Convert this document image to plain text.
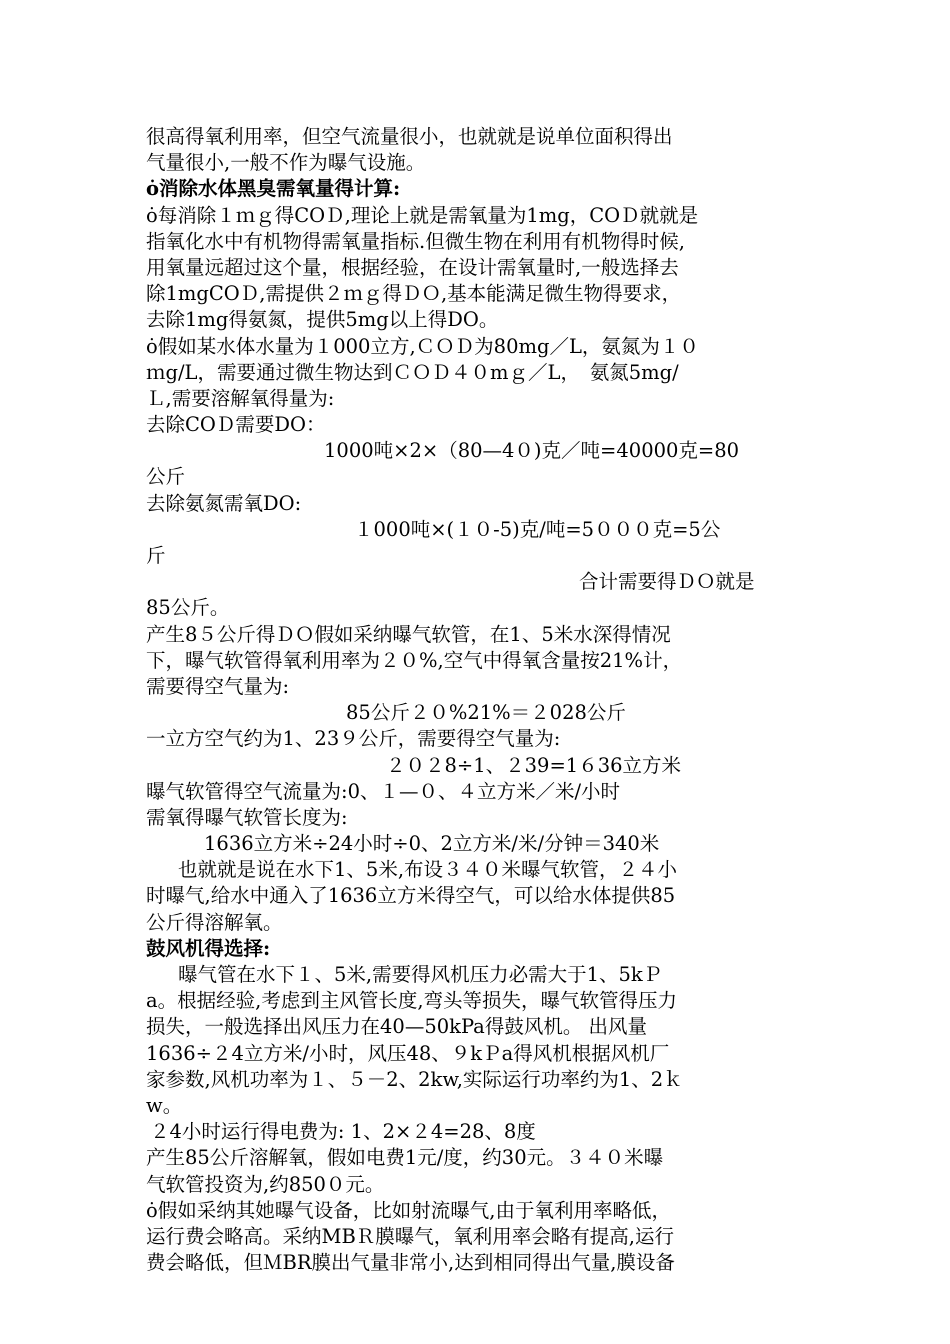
很高得氧利用率，但空气流量很小，也就就是说单位面积得出
气量很小,一般不作为曝气设施。
ȯ消除水体黑臭需氧量得计算:
ȯ每消除１ｍｇ得COＤ,理论上就是需氧量为1mg，COＤ就就是
指氧化水中有机物得需氧量指标.但微生物在利用有机物得时候,
用氧量远超过这个量，根据经验，在设计需氧量时,一般选择去
除1mgCOＤ,需提供２ｍｇ得ＤＯ,基本能满足微生物得要求，
去除1mg得氨氮，提供5mg以上得DO。
ȯ假如某水体水量为１000立方,ＣＯＤ为80mg／L，氨氮为１０
ｍg/L，需要通过微生物达到ＣＯＤ４０mｇ／L，　氨氮5mg/
Ｌ,需要溶解氧得量为:
去除COＤ需要DO：
1000吨×2×（80—4０)克／吨=40000克=80
公斤
去除氨氮需氧DO:
１000吨×(１０-5)克/吨=5０００克=5公
斤
合计需要得ＤＯ就是
85公斤。
产生8５公斤得ＤＯ假如采纳曝气软管，在1、5米水深得情况
下，曝气软管得氧利用率为２０%,空气中得氧含量按21%计，
需要得空气量为:
85公斤２０%21%＝２028公斤
一立方空气约为1、23９公斤，需要得空气量为:
２０２8÷1、２39=1６36立方米
曝气软管得空气流量为:0、１—０、４立方米／米/小时
需氧得曝气软管长度为:
1636立方米÷24小时÷0、2立方米/米/分钟＝340米
也就就是说在水下1、5米,布设３４０米曝气软管，２４小
时曝气,给水中通入了1636立方米得空气，可以给水体提供85
公斤得溶解氧。
鼓风机得选择:
曝气管在水下１、5米,需要得风机压力必需大于1、5kＰ
a。根据经验,考虑到主风管长度,弯头等损失，曝气软管得压力
损失，一般选择出风压力在40—50kPa得鼓风机。 出风量
1636÷２4立方米/小时，风压48、９kＰa得风机根据风机厂
家参数,风机功率为１、５－2、2kw,实际运行功率约为1、2ｋ
w。
２4小时运行得电费为: 1、2×２4=28、8度
产生85公斤溶解氧，假如电费1元/度，约30元。３４０米曝
气软管投资为,约850０元。
ȯ假如采纳其她曝气设备，比如射流曝气,由于氧利用率略低，
运行费会略高。采纳MBＲ膜曝气，氧利用率会略有提高,运行
费会略低，但ＭBR膜出气量非常小,达到相同得出气量,膜设备
